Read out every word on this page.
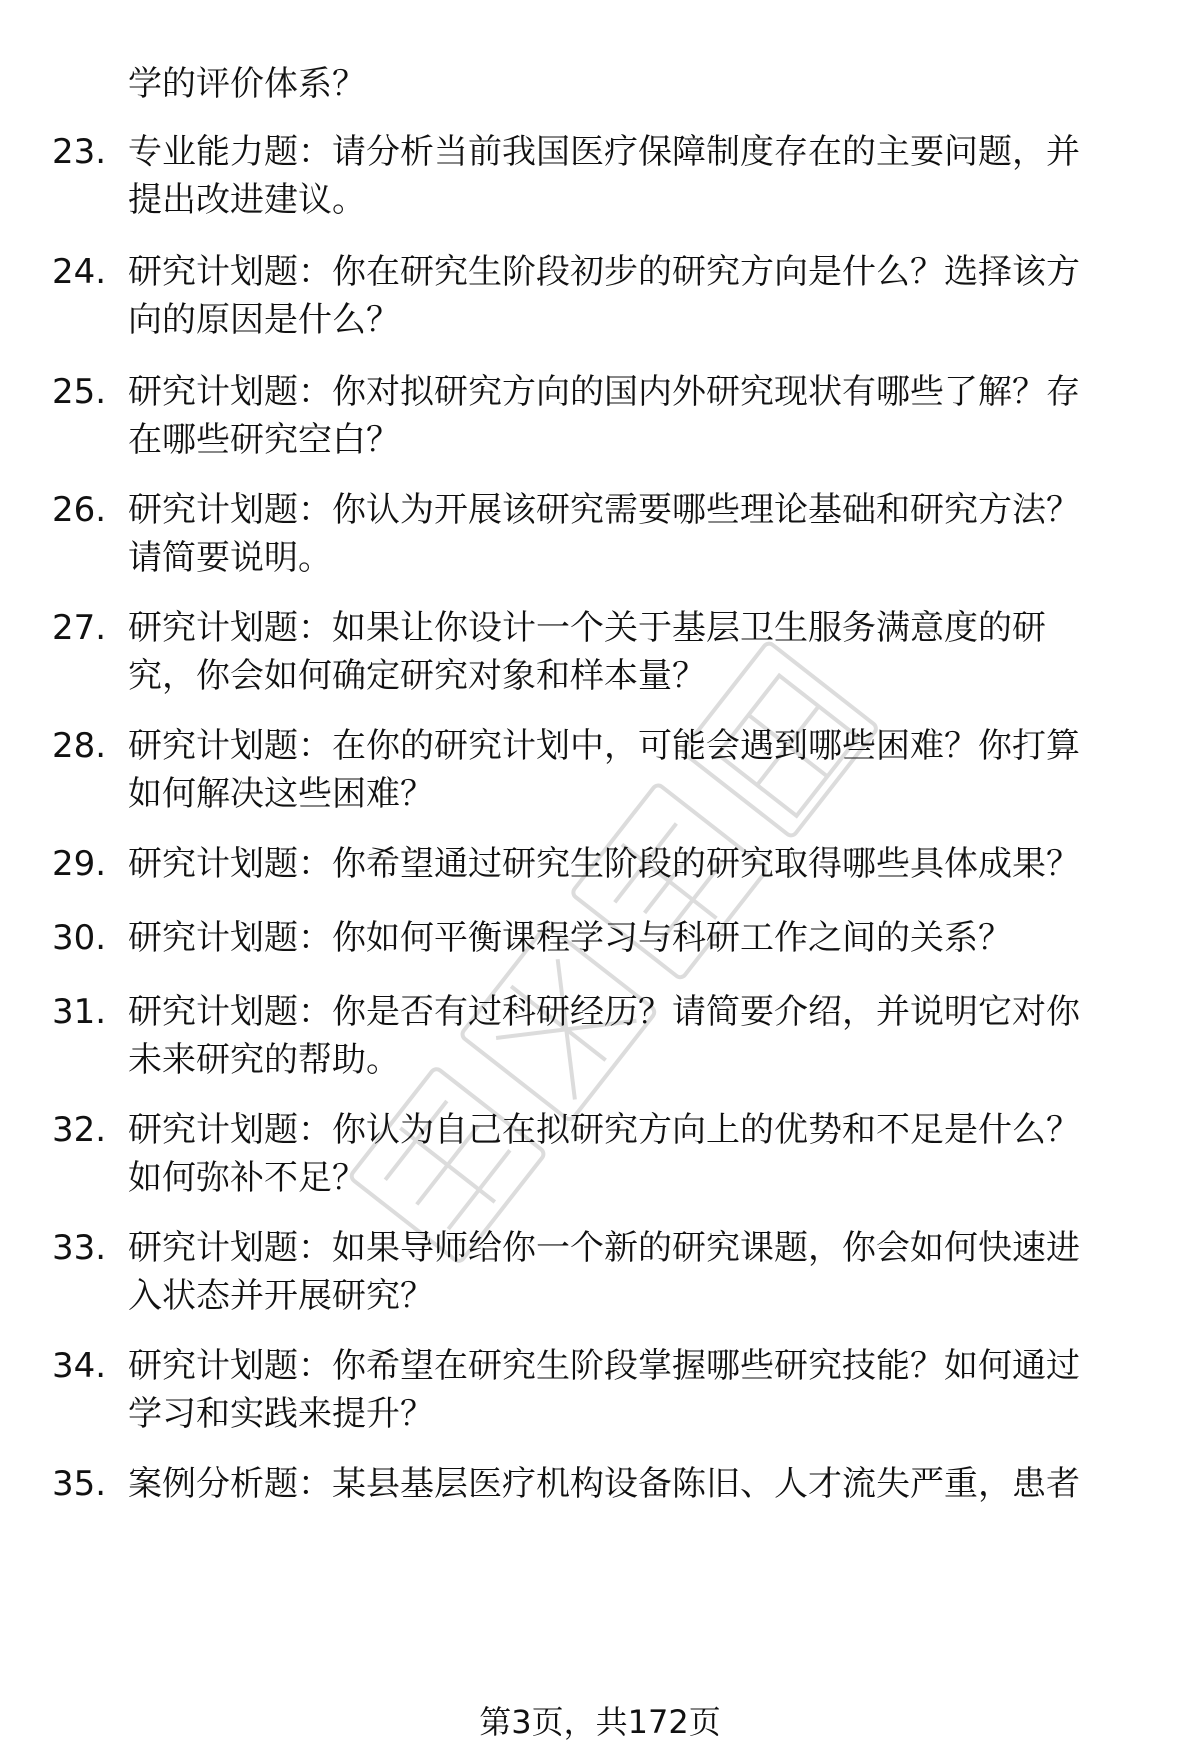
学的评价体系？
23. 专业能力题：请分析当前我国医疗保障制度存在的主要问题，并
提出改进建议。
24. 研究计划题：你在研究生阶段初步的研究方向是什么？选择该方
向的原因是什么？
25. 研究计划题：你对拟研究方向的国内外研究现状有哪些了解？存
在哪些研究空白？
26. 研究计划题：你认为开展该研究需要哪些理论基础和研究方法？
请简要说明。
27. 研究计划题：如果让你设计一个关于基层卫生服务满意度的研
究，你会如何确定研究对象和样本量？
28. 研究计划题：在你的研究计划中，可能会遇到哪些困难？你打算
如何解决这些困难？
29. 研究计划题：你希望通过研究生阶段的研究取得哪些具体成果？
30. 研究计划题：你如何平衡课程学习与科研工作之间的关系？
31. 研究计划题：你是否有过科研经历？请简要介绍，并说明它对你
未来研究的帮助。
32. 研究计划题：你认为自己在拟研究方向上的优势和不足是什么？
如何弥补不足？
33. 研究计划题：如果导师给你一个新的研究课题，你会如何快速进
入状态并开展研究？
34. 研究计划题：你希望在研究生阶段掌握哪些研究技能？如何通过
学习和实践来提升？
35. 案例分析题：某县基层医疗机构设备陈旧、人才流失严重，患者
第3页，共172页
